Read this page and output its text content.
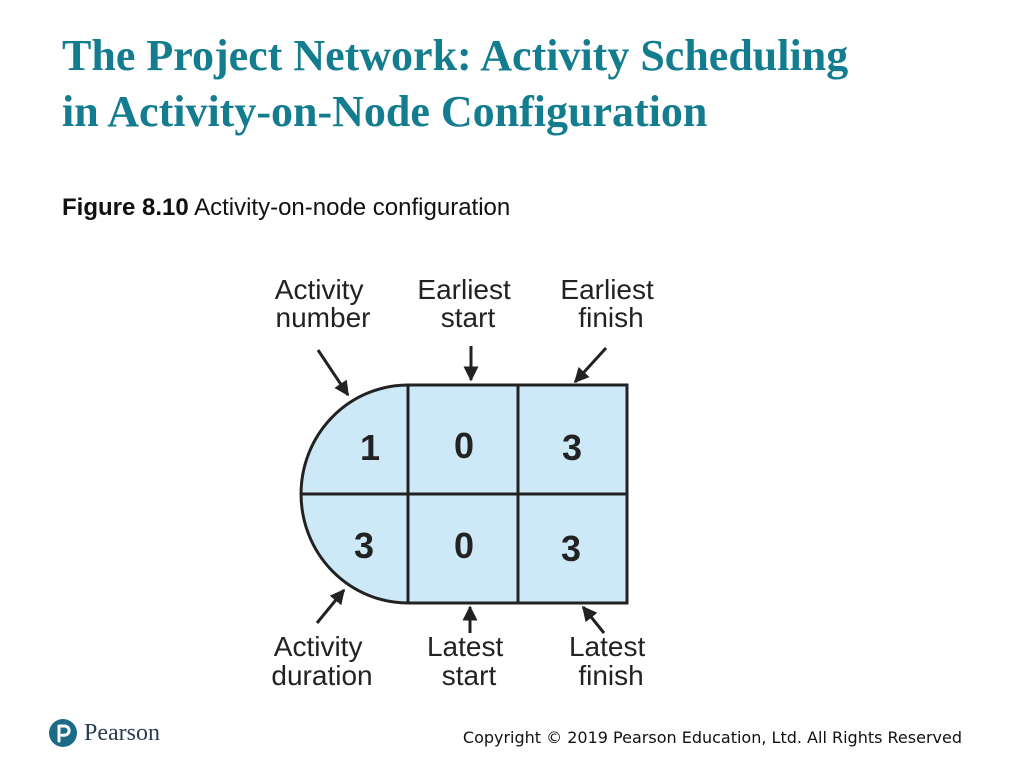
The Project Network: Activity Scheduling
in Activity-on-Node Configuration
Figure 8.10 Activity-on-node configuration
1 0 3
3 0 3
Activity number
Earliest start
Earliest finish
Activity duration
Latest start
Latest finish
Pearson	Copyright © 2019 Pearson Education, Ltd. All Rights Reserved
